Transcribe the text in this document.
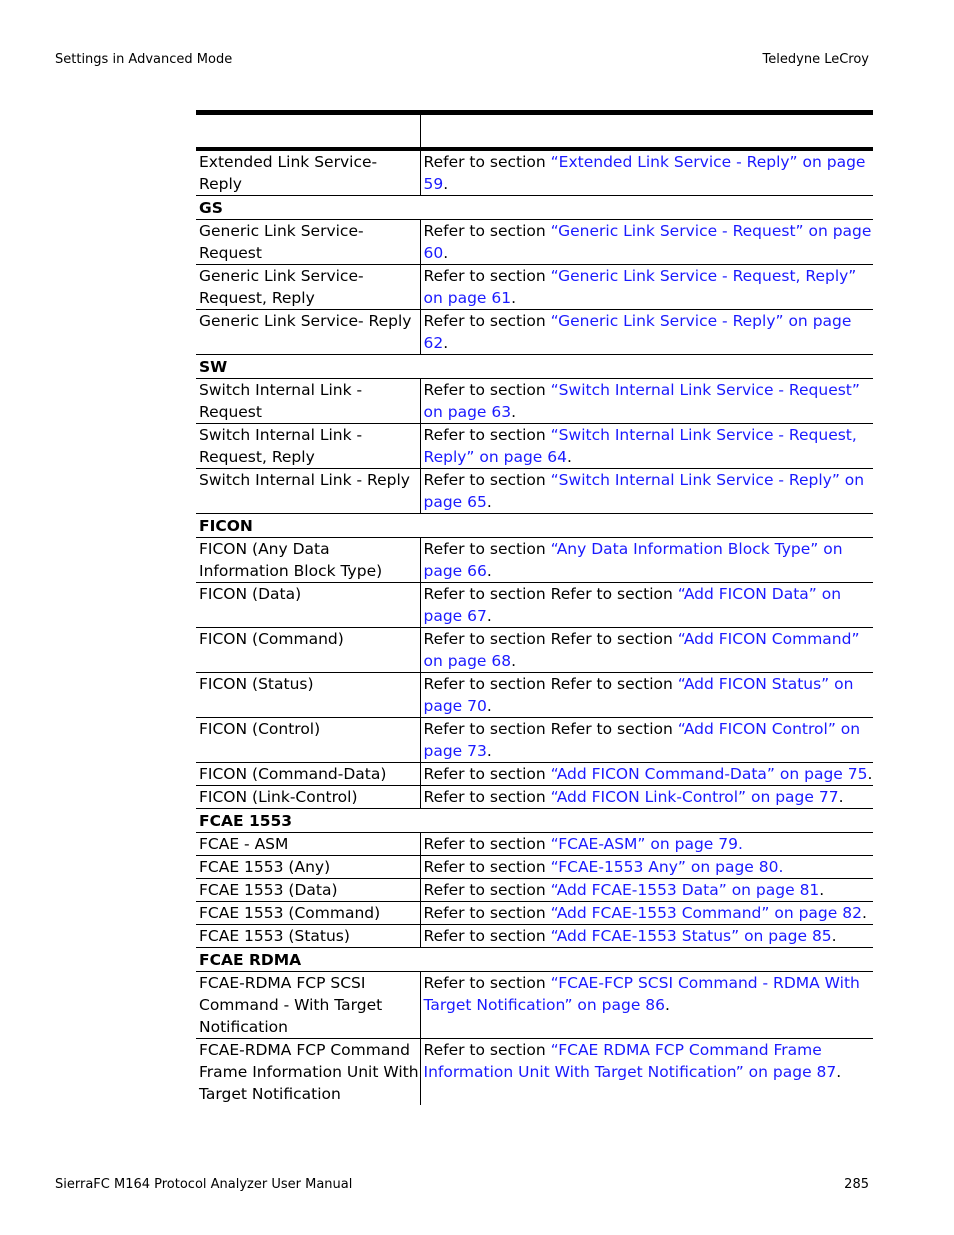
Settings in Advanced Mode	Teledyne LeCroy

Extended Link Service- Reply	Refer to section “Extended Link Service - Reply” on page 59.
GS	
Generic Link Service- Request	Refer to section “Generic Link Service - Request” on page 60.
Generic Link Service- Request, Reply	Refer to section “Generic Link Service - Request, Reply” on page 61.
Generic Link Service- Reply	Refer to section “Generic Link Service - Reply” on page 62.
SW	
Switch Internal Link - Request	Refer to section “Switch Internal Link Service - Request” on page 63.
Switch Internal Link - Request, Reply	Refer to section “Switch Internal Link Service - Request, Reply” on page 64.
Switch Internal Link - Reply	Refer to section “Switch Internal Link Service - Reply” on page 65.
FICON	
FICON (Any Data Information Block Type)	Refer to section “Any Data Information Block Type” on page 66.
FICON (Data)	Refer to section Refer to section “Add FICON Data” on page 67.
FICON (Command)	Refer to section Refer to section “Add FICON Command” on page 68.
FICON (Status)	Refer to section Refer to section “Add FICON Status” on page 70.
FICON (Control)	Refer to section Refer to section “Add FICON Control” on page 73.
FICON (Command-Data)	Refer to section “Add FICON Command-Data” on page 75.
FICON (Link-Control)	Refer to section “Add FICON Link-Control” on page 77.
FCAE 1553	
FCAE - ASM	Refer to section “FCAE-ASM” on page 79.
FCAE 1553 (Any)	Refer to section “FCAE-1553 Any” on page 80.
FCAE 1553 (Data)	Refer to section “Add FCAE-1553 Data” on page 81.
FCAE 1553 (Command)	Refer to section “Add FCAE-1553 Command” on page 82.
FCAE 1553 (Status)	Refer to section “Add FCAE-1553 Status” on page 85.
FCAE RDMA	
FCAE-RDMA FCP SCSI Command - With Target Notification	Refer to section “FCAE-FCP SCSI Command - RDMA With Target Notification” on page 86.
FCAE-RDMA FCP Command Frame Information Unit With Target Notification	Refer to section “FCAE RDMA FCP Command Frame Information Unit With Target Notification” on page 87.
SierraFC M164 Protocol Analyzer User Manual	285
